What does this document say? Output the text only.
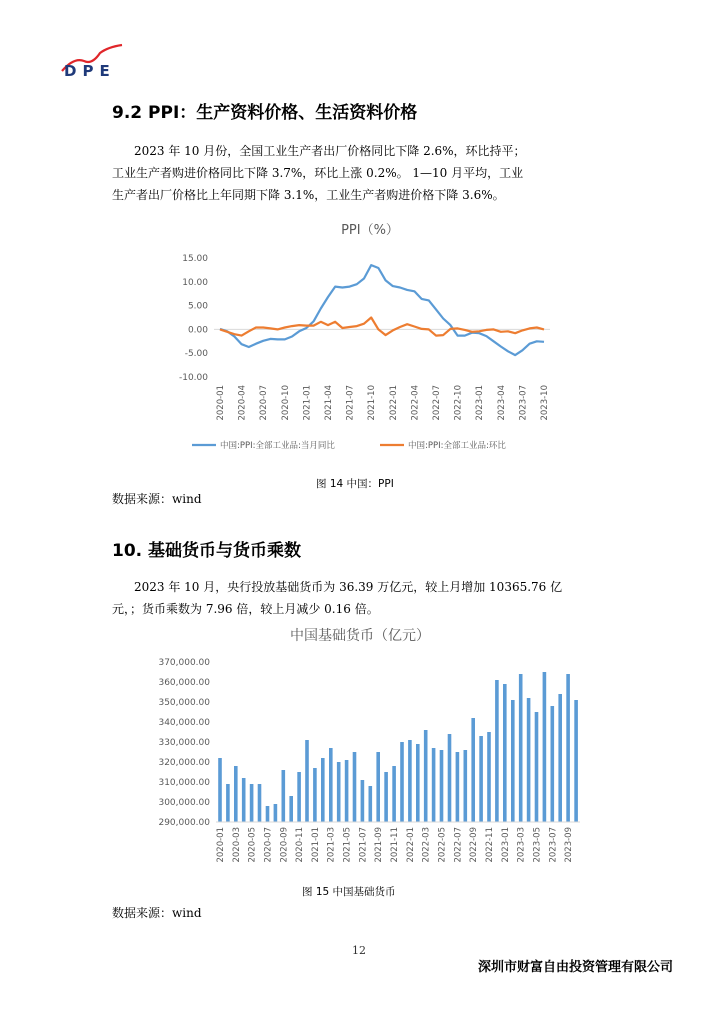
DPE
9.2 PPI：生产资料价格、生活资料价格
2023 年 10 月份，全国工业生产者出厂价格同比下降 2.6%，环比持平；
工业生产者购进价格同比下降 3.7%，环比上涨 0.2%。 1—10 月平均，工业
生产者出厂价格比上年同期下降 3.1%，工业生产者购进价格下降 3.6%。
PPI（%）
15.00
10.00
5.00
0.00
-5.00
-10.00
2020-01 2020-04 2020-07 2020-10 2021-01 2021-04 2021-07 2021-10 2022-01 2022-04 2022-07 2022-10 2023-01 2023-04 2023-07 2023-10
中国:PPI:全部工业品:当月同比	中国:PPI:全部工业品:环比
图 14 中国：PPI
数据来源：wind
10. 基础货币与货币乘数
2023 年 10 月，央行投放基础货币为 36.39 万亿元，较上月增加 10365.76 亿
元，；货币乘数为 7.96 倍，较上月减少 0.16 倍。
中国基础货币（亿元）
370,000.00
360,000.00
350,000.00
340,000.00
330,000.00
320,000.00
310,000.00
300,000.00
290,000.00
2020-01 2020-03 2020-05 2020-07 2020-09 2020-11 2021-01 2021-03 2021-05 2021-07 2021-09 2021-11 2022-01 2022-03 2022-05 2022-07 2022-09 2022-11 2023-01 2023-03 2023-05 2023-07 2023-09
图 15 中国基础货币
数据来源：wind
12
深圳市财富自由投资管理有限公司
